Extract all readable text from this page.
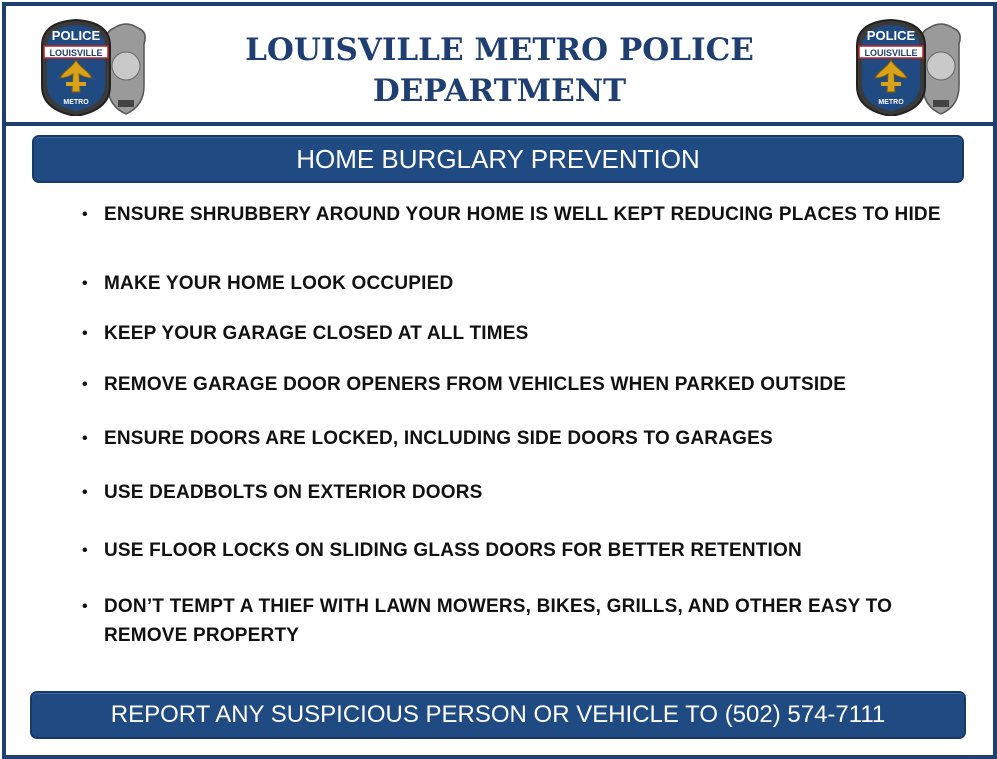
POLICE
LOUISVILLE
METRO
LOUISVILLE METRO POLICE
DEPARTMENT
POLICE
LOUISVILLE
METRO
HOME BURGLARY PREVENTION
• ENSURE SHRUBBERY AROUND YOUR HOME IS WELL KEPT REDUCING PLACES TO HIDE
• MAKE YOUR HOME LOOK OCCUPIED
• KEEP YOUR GARAGE CLOSED AT ALL TIMES
• REMOVE GARAGE DOOR OPENERS FROM VEHICLES WHEN PARKED OUTSIDE
• ENSURE DOORS ARE LOCKED, INCLUDING SIDE DOORS TO GARAGES
• USE DEADBOLTS ON EXTERIOR DOORS
• USE FLOOR LOCKS ON SLIDING GLASS DOORS FOR BETTER RETENTION
• DON’T TEMPT A THIEF WITH LAWN MOWERS, BIKES, GRILLS, AND OTHER EASY TO REMOVE PROPERTY
REPORT ANY SUSPICIOUS PERSON OR VEHICLE TO (502) 574-7111
